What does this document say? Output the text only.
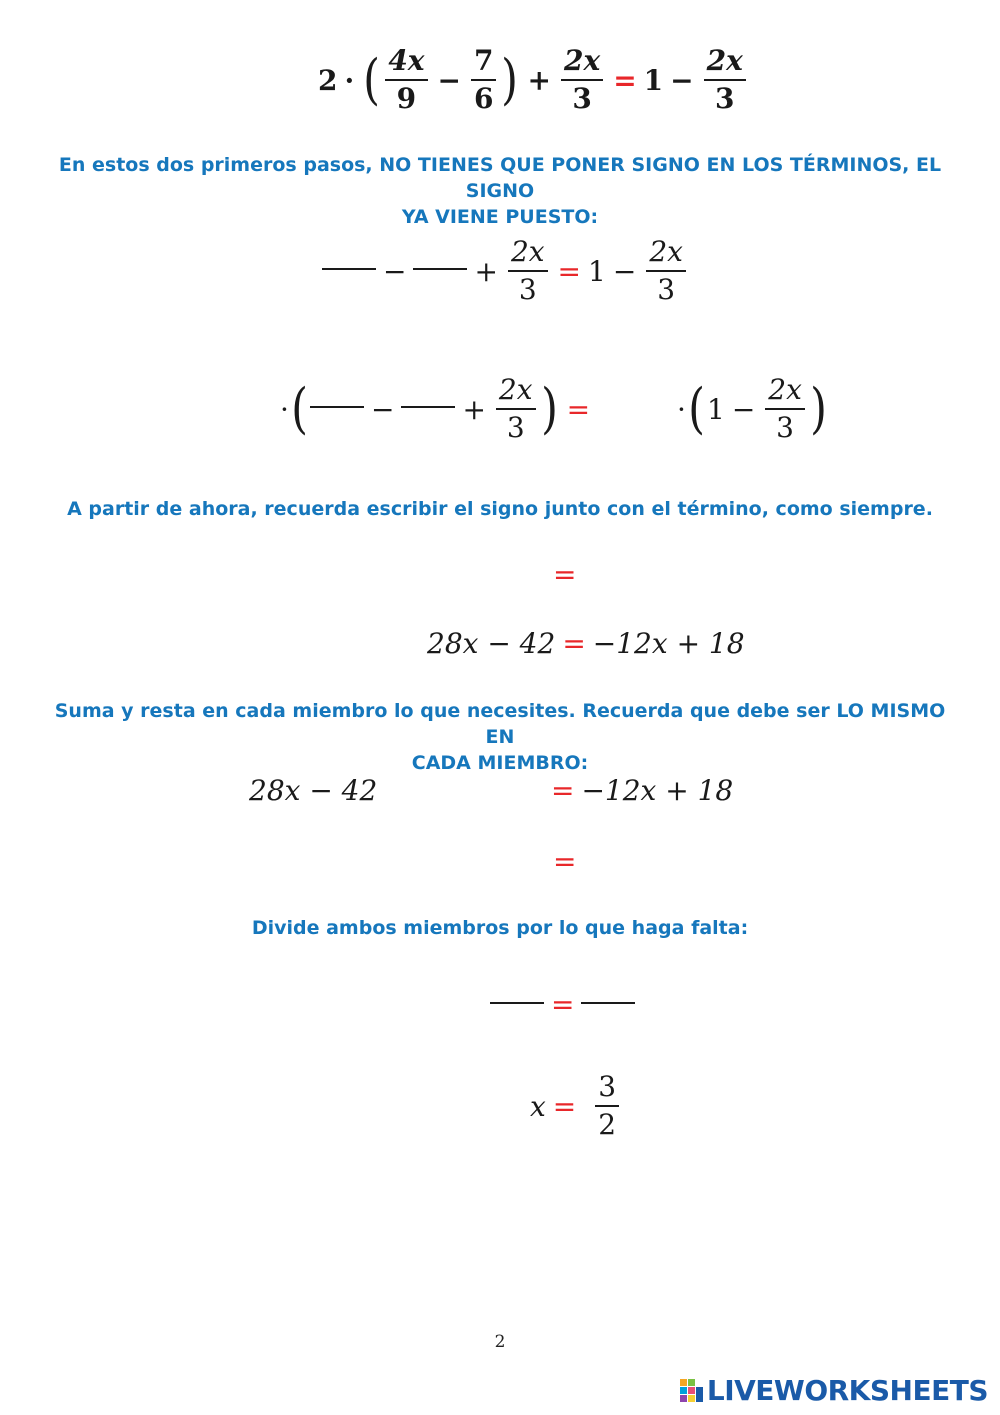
2 · ( $\frac{4x}{9} - \frac{7}{6}$ ) + $\frac{2x}{3} = 1 - \frac{2x}{3}$
En estos dos primeros pasos, NO TIENES QUE PONER SIGNO EN LOS TÉRMINOS, EL SIGNO
YA VIENE PUESTO:
− + $\frac{2x}{3} = 1 - \frac{2x}{3}$
· ( − + $\frac{2x}{3}$ ) =	· ( $1 - \frac{2x}{3}$ )
A partir de ahora, recuerda escribir el signo junto con el término, como siempre.
=
28x − 42 = −12x + 18
Suma y resta en cada miembro lo que necesites. Recuerda que debe ser LO MISMO EN
CADA MIEMBRO:
28x − 42	= −12x + 18
=
Divide ambos miembros por lo que haga falta:
=
$x = \frac{3}{2}$
2
LIVEWORKSHEETS
